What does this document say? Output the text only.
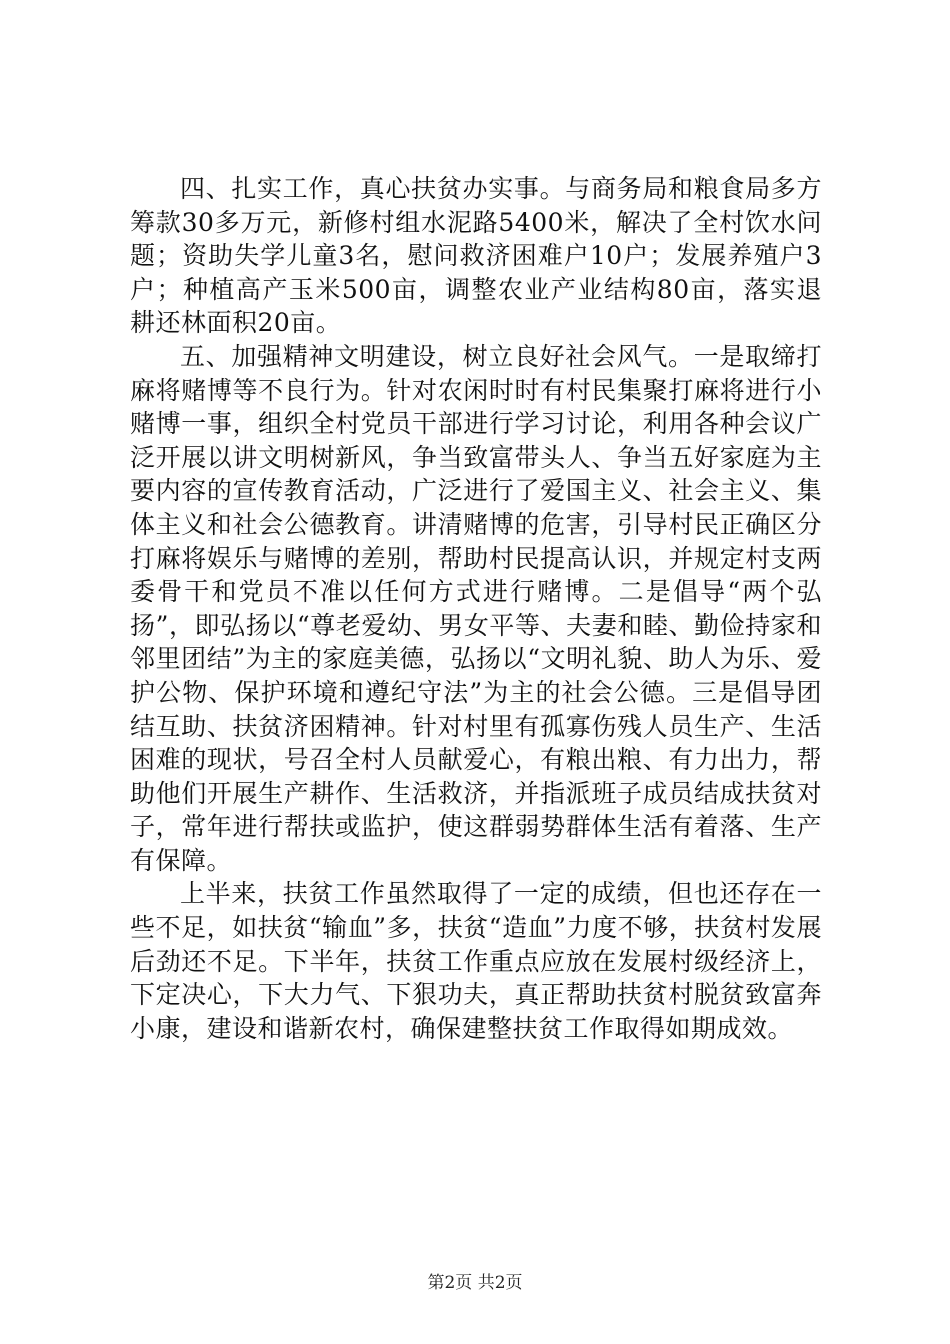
四、扎实工作，真心扶贫办实事。与商务局和粮食局多方筹款30多万元，新修村组水泥路5400米，解决了全村饮水问题；资助失学儿童3名，慰问救济困难户10户；发展养殖户3户；种植高产玉米500亩，调整农业产业结构80亩，落实退耕还林面积20亩。

五、加强精神文明建设，树立良好社会风气。一是取缔打麻将赌博等不良行为。针对农闲时时有村民集聚打麻将进行小赌博一事，组织全村党员干部进行学习讨论，利用各种会议广泛开展以讲文明树新风，争当致富带头人、争当五好家庭为主要内容的宣传教育活动，广泛进行了爱国主义、社会主义、集体主义和社会公德教育。讲清赌博的危害，引导村民正确区分打麻将娱乐与赌博的差别，帮助村民提高认识，并规定村支两委骨干和党员不准以任何方式进行赌博。二是倡导“两个弘扬”，即弘扬以“尊老爱幼、男女平等、夫妻和睦、勤俭持家和邻里团结”为主的家庭美德，弘扬以“文明礼貌、助人为乐、爱护公物、保护环境和遵纪守法”为主的社会公德。三是倡导团结互助、扶贫济困精神。针对村里有孤寡伤残人员生产、生活困难的现状，号召全村人员献爱心，有粮出粮、有力出力，帮助他们开展生产耕作、生活救济，并指派班子成员结成扶贫对子，常年进行帮扶或监护，使这群弱势群体生活有着落、生产有保障。

上半来，扶贫工作虽然取得了一定的成绩，但也还存在一些不足，如扶贫“输血”多，扶贫“造血”力度不够，扶贫村发展后劲还不足。下半年，扶贫工作重点应放在发展村级经济上，下定决心，下大力气、下狠功夫，真正帮助扶贫村脱贫致富奔小康，建设和谐新农村，确保建整扶贫工作取得如期成效。

第2页 共2页
